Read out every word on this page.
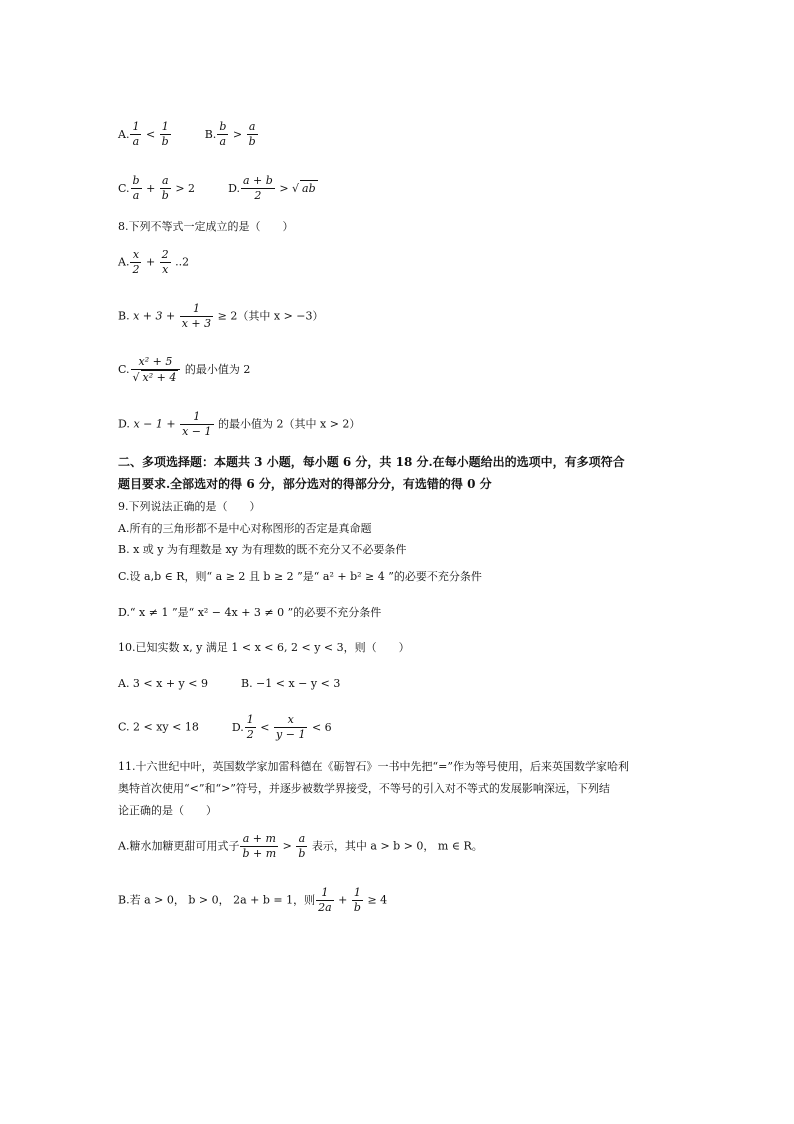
A. $\frac{1}{a} < \frac{1}{b}$	B. $\frac{b}{a} > \frac{a}{b}$
C. $\frac{b}{a} + \frac{a}{b} > 2$	D. $\frac{a + b}{2}$ > √ ab
8.下列不等式一定成立的是（　　）
A. $\frac{x}{2} + \frac{2}{x} ..2$
B. $x + 3 + \frac{1}{x + 3} \ge 2$（其中 x > −3）
C. $\frac{\text{x² + 5}}{\text{√ x² + 4}}$ 的最小值为 2
D. $x - 1 + \frac{1}{x - 1}$ 的最小值为 2（其中 x > 2）
二、多项选择题：本题共 3 小题，每小题 6 分，共 18 分.在每小题给出的选项中，有多项符合
题目要求.全部选对的得 6 分，部分选对的得部分分，有选错的得 0 分
9.下列说法正确的是（　　）
A.所有的三角形都不是中心对称图形的否定是真命题
B. x 或 y 为有理数是 xy 为有理数的既不充分又不必要条件
C.设 a,b ∈ R，则“ a ≥ 2 且 b ≥ 2 ”是“ a² + b² ≥ 4 ”的必要不充分条件
D.“ x ≠ 1 ”是“ x² − 4x + 3 ≠ 0 ”的必要不充分条件
10.已知实数 x, y 满足 1 < x < 6, 2 < y < 3，则（　　）
A. 3 < x + y < 9	B. −1 < x − y < 3
C. 2 < xy < 18	D. $\frac{1}{2} < \frac{x}{y - 1} < 6$
11.十六世纪中叶，英国数学家加雷科德在《砺智石》一书中先把“=”作为等号使用，后来英国数学家哈利
奥特首次使用“<”和“>”符号，并逐步被数学界接受，不等号的引入对不等式的发展影响深远，下列结
论正确的是（　　）
A.糖水加糖更甜可用式子 $\frac{a + m}{b + m} > \frac{a}{b}$ 表示，其中 a > b > 0， m ∈ R。
B.若 a > 0， b > 0， 2a + b = 1，则 $\frac{1}{2a} + \frac{1}{b} \ge 4$
